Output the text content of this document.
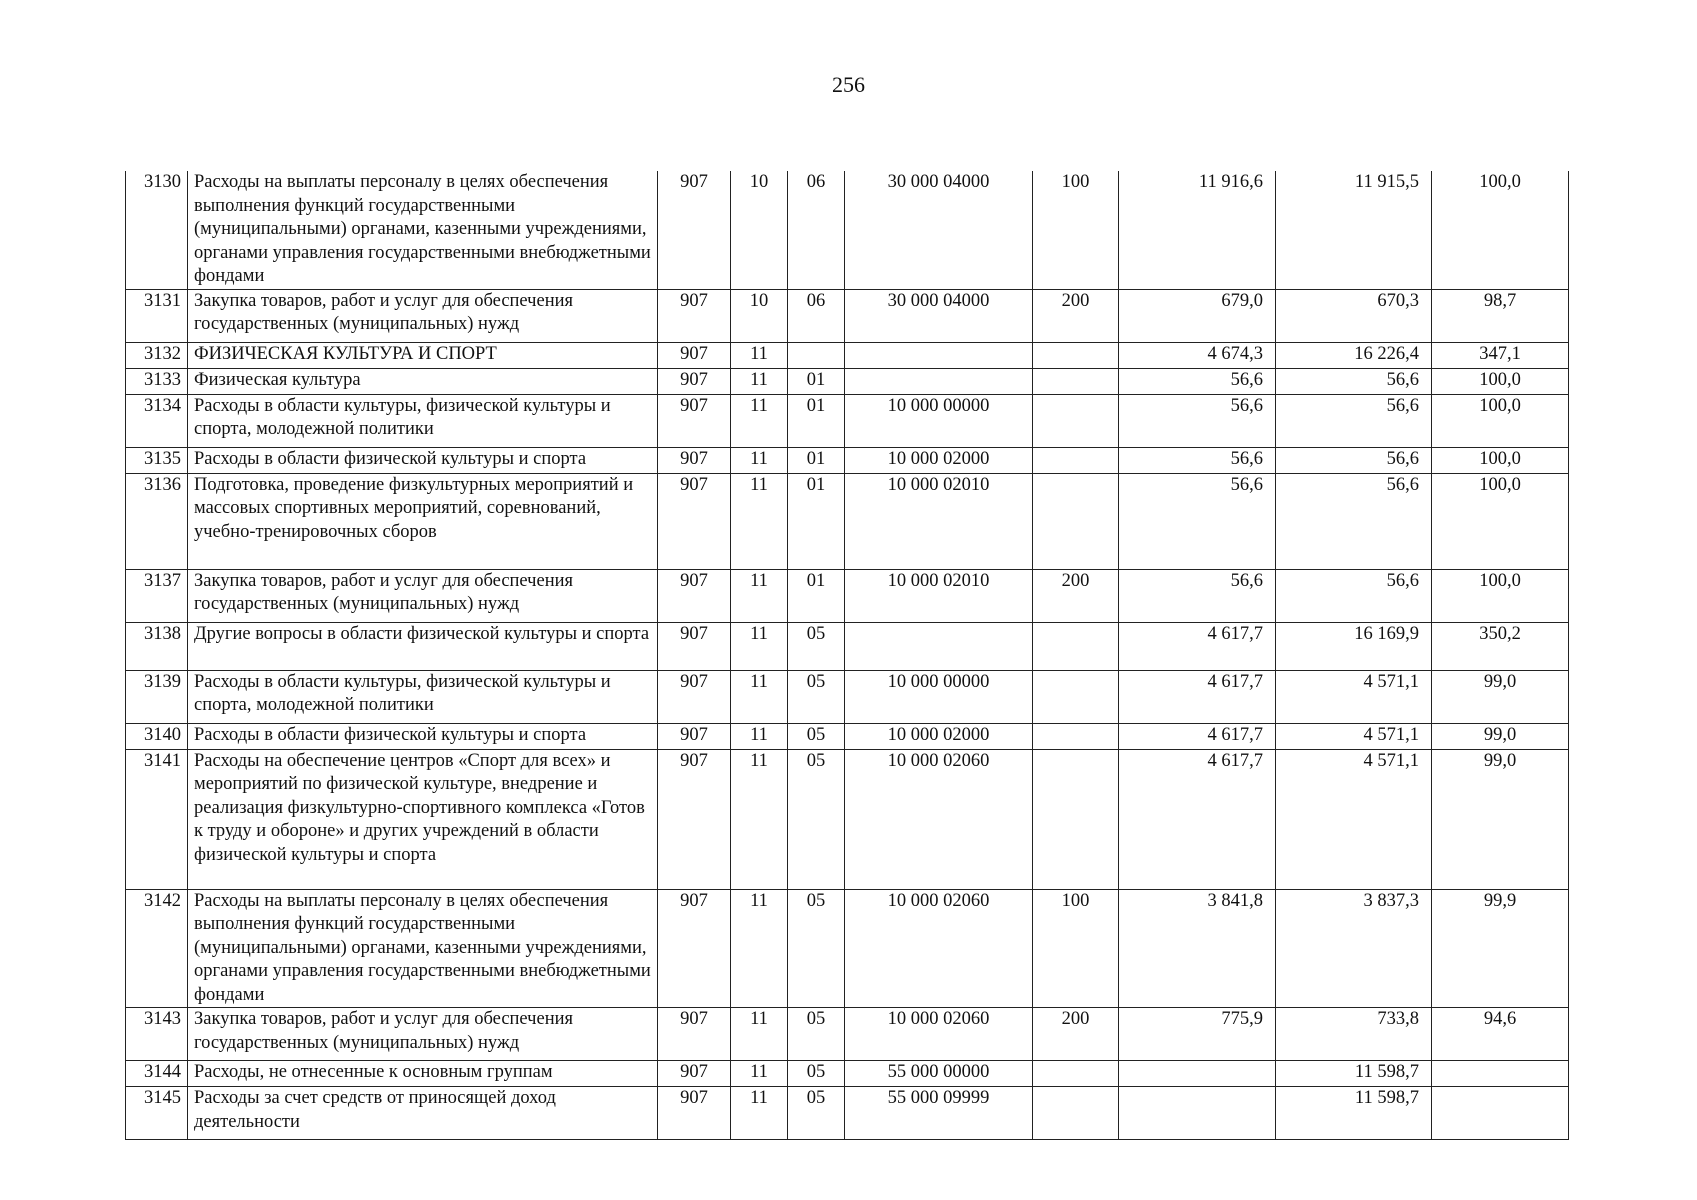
256
3130	Расходы на выплаты персоналу в целях обеспечения выполнения функций государственными (муниципальными) органами, казенными учреждениями, органами управления государственными внебюджетными фондами	907	10	06	30 000 04000	100	11 916,6	11 915,5	100,0
3131	Закупка товаров, работ и услуг для обеспечения государственных (муниципальных) нужд	907	10	06	30 000 04000	200	679,0	670,3	98,7
3132	ФИЗИЧЕСКАЯ КУЛЬТУРА И СПОРТ	907	11				4 674,3	16 226,4	347,1
3133	Физическая культура	907	11	01			56,6	56,6	100,0
3134	Расходы в области культуры, физической культуры и спорта, молодежной политики	907	11	01	10 000 00000		56,6	56,6	100,0
3135	Расходы в области физической культуры и спорта	907	11	01	10 000 02000		56,6	56,6	100,0
3136	Подготовка, проведение физкультурных мероприятий и массовых спортивных мероприятий, соревнований, учебно-тренировочных сборов	907	11	01	10 000 02010		56,6	56,6	100,0
3137	Закупка товаров, работ и услуг для обеспечения государственных (муниципальных) нужд	907	11	01	10 000 02010	200	56,6	56,6	100,0
3138	Другие вопросы в области физической культуры и спорта	907	11	05			4 617,7	16 169,9	350,2
3139	Расходы в области культуры, физической культуры и спорта, молодежной политики	907	11	05	10 000 00000		4 617,7	4 571,1	99,0
3140	Расходы в области физической культуры и спорта	907	11	05	10 000 02000		4 617,7	4 571,1	99,0
3141	Расходы на обеспечение центров «Спорт для всех» и мероприятий по физической культуре, внедрение и реализация физкультурно-спортивного комплекса «Готов к труду и обороне» и других учреждений в области физической культуры и спорта	907	11	05	10 000 02060		4 617,7	4 571,1	99,0
3142	Расходы на выплаты персоналу в целях обеспечения выполнения функций государственными (муниципальными) органами, казенными учреждениями, органами управления государственными внебюджетными фондами	907	11	05	10 000 02060	100	3 841,8	3 837,3	99,9
3143	Закупка товаров, работ и услуг для обеспечения государственных (муниципальных) нужд	907	11	05	10 000 02060	200	775,9	733,8	94,6
3144	Расходы, не отнесенные к основным группам	907	11	05	55 000 00000			11 598,7	
3145	Расходы за счет средств от приносящей доход деятельности	907	11	05	55 000 09999			11 598,7	
